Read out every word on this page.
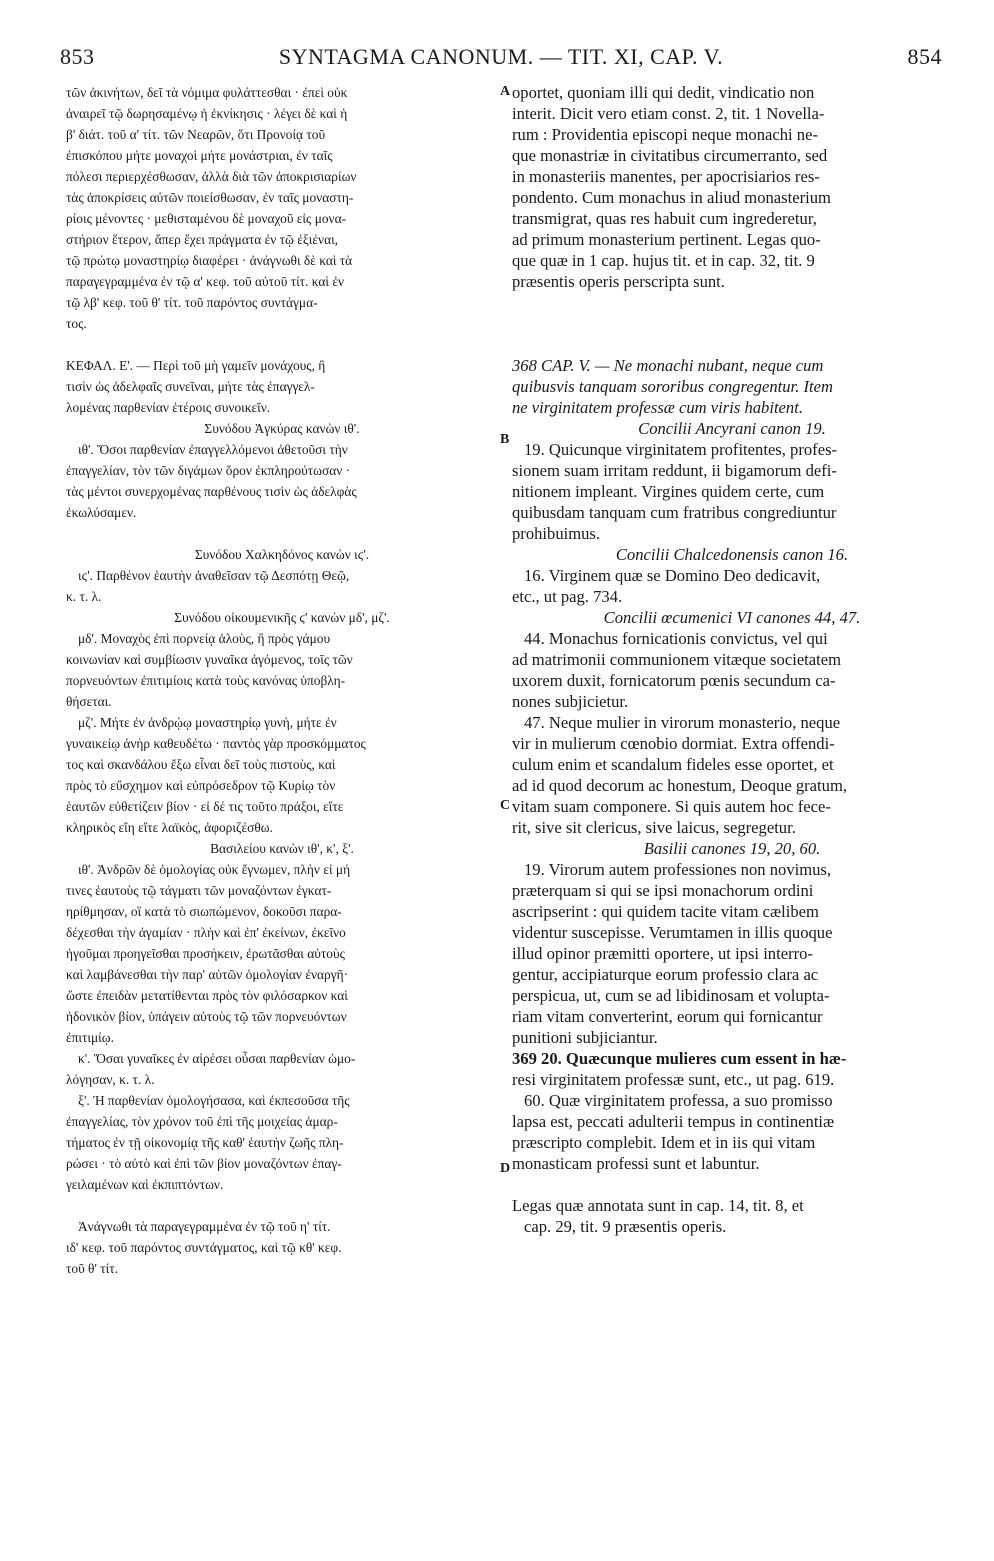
853	SYNTAGMA CANONUM. — TIT. XI, CAP. V.	854
A
B
C
D
τῶν ἀκινήτων, δεῖ τὰ νόμιμα φυλάττεσθαι · ἐπεὶ οὐκ
ἀναιρεῖ τῷ δωρησαμένῳ ἡ ἐκνίκησις · λέγει δὲ καὶ ἡ
β' διάτ. τοῦ α' τίτ. τῶν Νεαρῶν, ὅτι Προνοίᾳ τοῦ
ἐπισκόπου μήτε μοναχοὶ μήτε μονάστριαι, ἐν ταῖς
πόλεσι περιερχέσθωσαν, ἀλλὰ διὰ τῶν ἀποκρισιαρίων
τὰς ἀποκρίσεις αὐτῶν ποιείσθωσαν, ἐν ταῖς μοναστη-
ρίοις μένοντες · μεθισταμένου δὲ μοναχοῦ εἰς μονα-
στήριον ἕτερον, ἅπερ ἔχει πράγματα ἐν τῷ ἐξιέναι,
τῷ πρώτῳ μοναστηρίῳ διαφέρει · ἀνάγνωθι δὲ καὶ τὰ
παραγεγραμμένα ἐν τῷ α' κεφ. τοῦ αὐτοῦ τίτ. καὶ ἐν
τῷ λβ' κεφ. τοῦ θ' τίτ. τοῦ παρόντος συντάγμα-
τος.
ΚΕΦΑΛ. Ε'. — Περὶ τοῦ μὴ γαμεῖν μονάχους, ἢ
τισὶν ὡς ἀδελφαῖς συνεῖναι, μήτε τὰς ἐπαγγελ-
λομένας παρθενίαν ἑτέροις συνοικεῖν.
Συνόδου Ἀγκύρας κανὼν ιθ'.
ιθ'. Ὅσοι παρθενίαν ἐπαγγελλόμενοι ἀθετοῦσι τὴν
ἐπαγγελίαν, τὸν τῶν διγάμων ὅρον ἐκπληρούτωσαν ·
τὰς μέντοι συνερχομένας παρθένους τισὶν ὡς ἀδελφὰς
ἐκωλύσαμεν.
Συνόδου Χαλκηδόνος κανὼν ιϛ'.
ιϛ'. Παρθένον ἑαυτὴν ἀναθεῖσαν τῷ Δεσπότῃ Θεῷ,
κ. τ. λ.
Συνόδου οἰκουμενικῆς ϛ' κανὼν μδ', μζ'.
μδ'. Μοναχὸς ἐπὶ πορνείᾳ ἁλοὺς, ἢ πρὸς γάμου
κοινωνίαν καὶ συμβίωσιν γυναῖκα ἀγόμενος, τοῖς τῶν
πορνευόντων ἐπιτιμίοις κατὰ τοὺς κανόνας ὑποβλη-
θήσεται.
μζ'. Μήτε ἐν ἀνδρῴῳ μοναστηρίῳ γυνὴ, μήτε ἐν
γυναικείῳ ἀνὴρ καθευδέτω · παντὸς γὰρ προσκόμματος
τος καὶ σκανδάλου ἔξω εἶναι δεῖ τοὺς πιστοὺς, καὶ
πρὸς τὸ εὔσχημον καὶ εὐπρόσεδρον τῷ Κυρίῳ τὸν
ἑαυτῶν εὐθετίζειν βίον · εἰ δέ τις τοῦτο πράξοι, εἴτε
κληρικὸς εἴη εἴτε λαϊκὸς, ἀφοριζέσθω.
Βασιλείου κανὼν ιθ', κ', ξ'.
ιθ'. Ἀνδρῶν δὲ ὁμολογίας οὐκ ἔγνωμεν, πλὴν εἰ μή
τινες ἑαυτοὺς τῷ τάγματι τῶν μοναζόντων ἐγκατ-
ηρίθμησαν, οἳ κατὰ τὸ σιωπώμενον, δοκοῦσι παρα-
δέχεσθαι τὴν ἀγαμίαν · πλὴν καὶ ἐπ' ἐκείνων, ἐκεῖνο
ἡγοῦμαι προηγεῖσθαι προσήκειν, ἐρωτᾶσθαι αὐτοὺς
καὶ λαμβάνεσθαι τὴν παρ' αὐτῶν ὁμολογίαν ἐναργῆ·
ὥστε ἐπειδὰν μετατίθενται πρὸς τὸν φιλόσαρκον καὶ
ἡδονικὸν βίον, ὑπάγειν αὐτοὺς τῷ τῶν πορνευόντων
ἐπιτιμίῳ.
κ'. Ὅσαι γυναῖκες ἐν αἱρέσει οὖσαι παρθενίαν ὡμο-
λόγησαν, κ. τ. λ.
ξ'. Ἡ παρθενίαν ὁμολογήσασα, καὶ ἐκπεσοῦσα τῆς
ἐπαγγελίας, τὸν χρόνον τοῦ ἐπὶ τῆς μοιχείας ἁμαρ-
τήματος ἐν τῇ οἰκονομίᾳ τῆς καθ' ἑαυτὴν ζωῆς πλη-
ρώσει · τὸ αὐτὸ καὶ ἐπὶ τῶν βίον μοναζόντων ἐπαγ-
γειλαμένων καὶ ἐκπιπτόντων.
Ἀνάγνωθι τὰ παραγεγραμμένα ἐν τῷ τοῦ η' τίτ.
ιδ' κεφ. τοῦ παρόντος συντάγματος, καὶ τῷ κθ' κεφ.
τοῦ θ' τίτ.
oportet, quoniam illi qui dedit, vindicatio non
interit. Dicit vero etiam const. 2, tit. 1 Novella-
rum : Providentia episcopi neque monachi ne-
que monastriæ in civitatibus circumerranto, sed
in monasteriis manentes, per apocrisiarios res-
pondento. Cum monachus in aliud monasterium
transmigrat, quas res habuit cum ingrederetur,
ad primum monasterium pertinent. Legas quo-
que quæ in 1 cap. hujus tit. et in cap. 32, tit. 9
præsentis operis perscripta sunt.
368 CAP. V. — Ne monachi nubant, neque cum
quibusvis tanquam sororibus congregentur. Item
ne virginitatem professæ cum viris habitent.
Concilii Ancyrani canon 19.
19. Quicunque virginitatem profitentes, profes-
sionem suam irritam reddunt, ii bigamorum defi-
nitionem impleant. Virgines quidem certe, cum
quibusdam tanquam cum fratribus congrediuntur
prohibuimus.
Concilii Chalcedonensis canon 16.
16. Virginem quæ se Domino Deo dedicavit,
etc., ut pag. 734.
Concilii œcumenici VI canones 44, 47.
44. Monachus fornicationis convictus, vel qui
ad matrimonii communionem vitæque societatem
uxorem duxit, fornicatorum pœnis secundum ca-
nones subjicietur.
47. Neque mulier in virorum monasterio, neque
vir in mulierum cœnobio dormiat. Extra offendi-
culum enim et scandalum fideles esse oportet, et
ad id quod decorum ac honestum, Deoque gratum,
vitam suam componere. Si quis autem hoc fece-
rit, sive sit clericus, sive laicus, segregetur.
Basilii canones 19, 20, 60.
19. Virorum autem professiones non novimus,
præterquam si qui se ipsi monachorum ordini
ascripserint : qui quidem tacite vitam cælibem
videntur suscepisse. Verumtamen in illis quoque
illud opinor præmitti oportere, ut ipsi interro-
gentur, accipiaturque eorum professio clara ac
perspicua, ut, cum se ad libidinosam et volupta-
riam vitam converterint, eorum qui fornicantur
punitioni subjiciantur.
369 20. Quæcunque mulieres cum essent in hæ-
resi virginitatem professæ sunt, etc., ut pag. 619.
60. Quæ virginitatem professa, a suo promisso
lapsa est, peccati adulterii tempus in continentiæ
præscripto complebit. Idem et in iis qui vitam
monasticam professi sunt et labuntur.
Legas quæ annotata sunt in cap. 14, tit. 8, et
cap. 29, tit. 9 præsentis operis.
